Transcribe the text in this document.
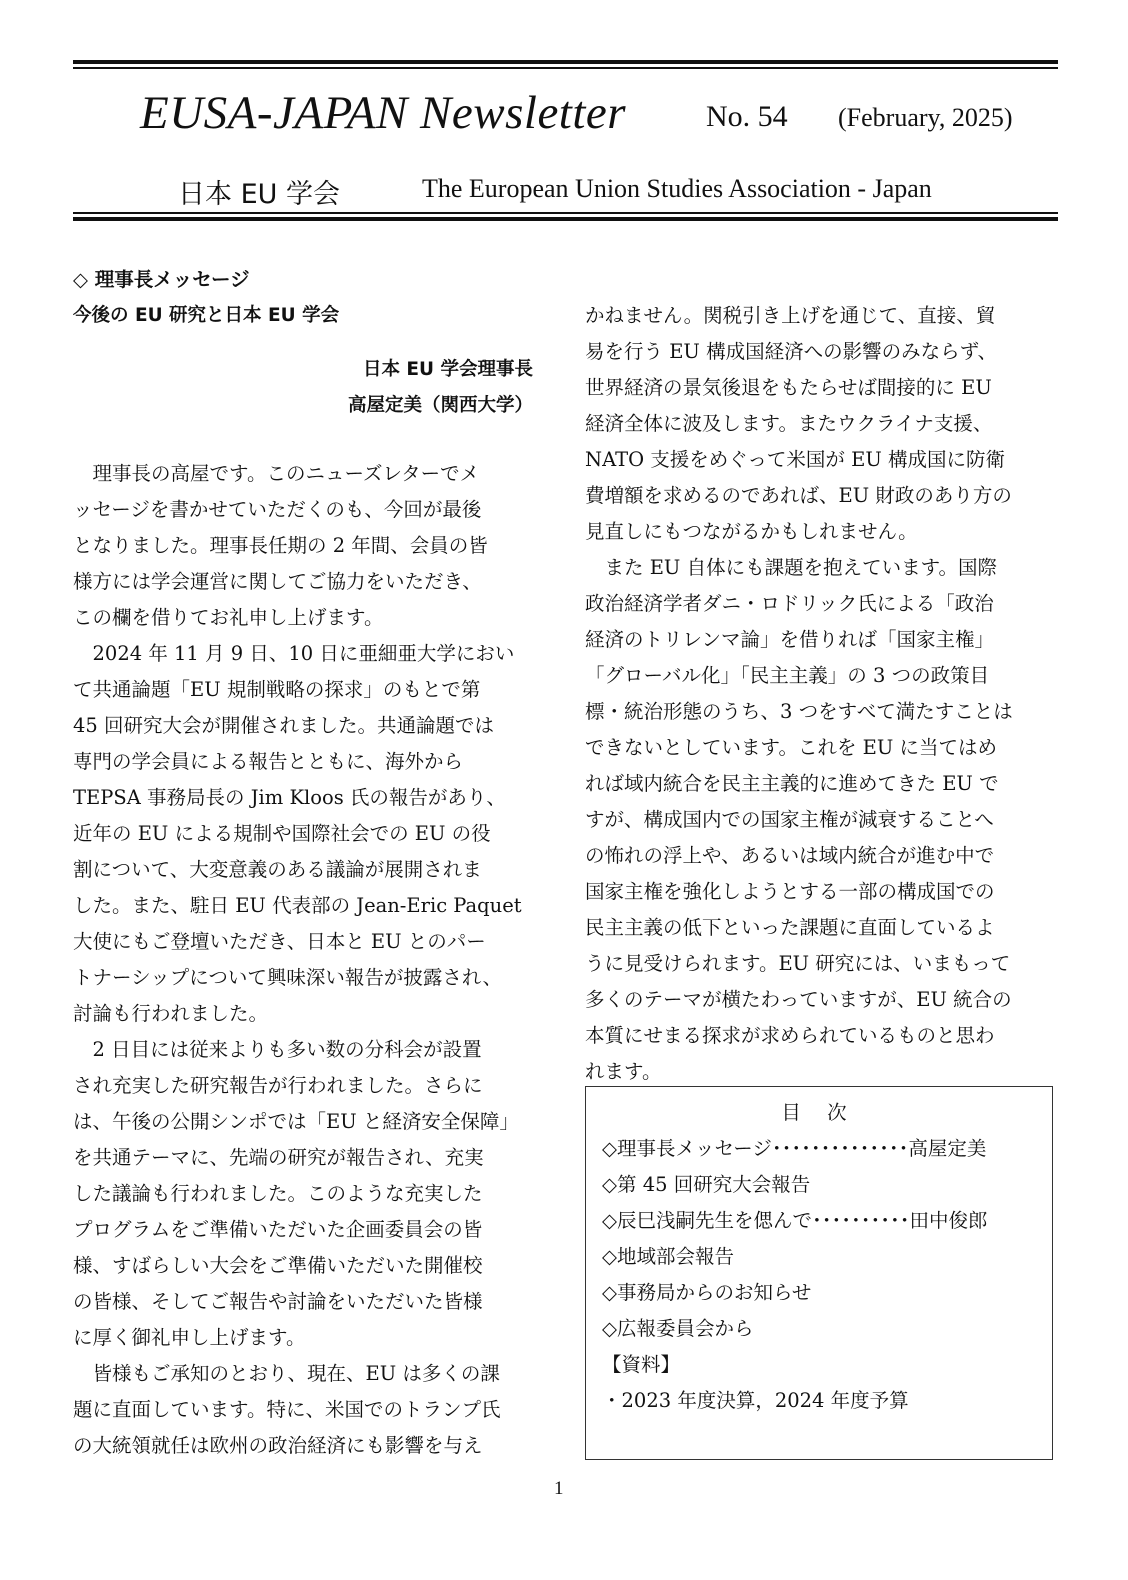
EUSA-JAPAN Newsletter	No. 54 (February, 2025)
日本 EU 学会	The European Union Studies Association - Japan

◇ 理事長メッセージ

今後の EU 研究と日本 EU 学会

日本 EU 学会理事長

高屋定美（関西大学）

　理事長の高屋です。このニューズレターでメ

ッセージを書かせていただくのも、今回が最後

となりました。理事長任期の 2 年間、会員の皆

様方には学会運営に関してご協力をいただき、

この欄を借りてお礼申し上げます。

　2024 年 11 月 9 日、10 日に亜細亜大学におい

て共通論題「EU 規制戦略の探求」のもとで第

45 回研究大会が開催されました。共通論題では

専門の学会員による報告とともに、海外から

TEPSA 事務局長の Jim Kloos 氏の報告があり、

近年の EU による規制や国際社会での EU の役

割について、大変意義のある議論が展開されま

した。また、駐日 EU 代表部の Jean-Eric Paquet

大使にもご登壇いただき、日本と EU とのパー

トナーシップについて興味深い報告が披露され、

討論も行われました。

　2 日目には従来よりも多い数の分科会が設置

され充実した研究報告が行われました。さらに

は、午後の公開シンポでは「EU と経済安全保障」

を共通テーマに、先端の研究が報告され、充実

した議論も行われました。このような充実した

プログラムをご準備いただいた企画委員会の皆

様、すばらしい大会をご準備いただいた開催校

の皆様、そしてご報告や討論をいただいた皆様

に厚く御礼申し上げます。

　皆様もご承知のとおり、現在、EU は多くの課

題に直面しています。特に、米国でのトランプ氏

の大統領就任は欧州の政治経済にも影響を与え

かねません。関税引き上げを通じて、直接、貿

易を行う EU 構成国経済への影響のみならず、

世界経済の景気後退をもたらせば間接的に EU

経済全体に波及します。またウクライナ支援、

NATO 支援をめぐって米国が EU 構成国に防衛

費増額を求めるのであれば、EU 財政のあり方の

見直しにもつながるかもしれません。

　また EU 自体にも課題を抱えています。国際

政治経済学者ダニ・ロドリック氏による「政治

経済のトリレンマ論」を借りれば「国家主権」

「グローバル化」「民主主義」の 3 つの政策目

標・統治形態のうち、3 つをすべて満たすことは

できないとしています。これを EU に当てはめ

れば域内統合を民主主義的に進めてきた EU で

すが、構成国内での国家主権が減衰することへ

の怖れの浮上や、あるいは域内統合が進む中で

国家主権を強化しようとする一部の構成国での

民主主義の低下といった課題に直面しているよ

うに見受けられます。EU 研究には、いまもって

多くのテーマが横たわっていますが、EU 統合の

本質にせまる探求が求められているものと思わ

れます。

目 次
◇理事長メッセージ･･････････････高屋定美
◇第 45 回研究大会報告
◇辰巳浅嗣先生を偲んで･･････････田中俊郎
◇地域部会報告
◇事務局からのお知らせ
◇広報委員会から
【資料】
・2023 年度決算，2024 年度予算
1
